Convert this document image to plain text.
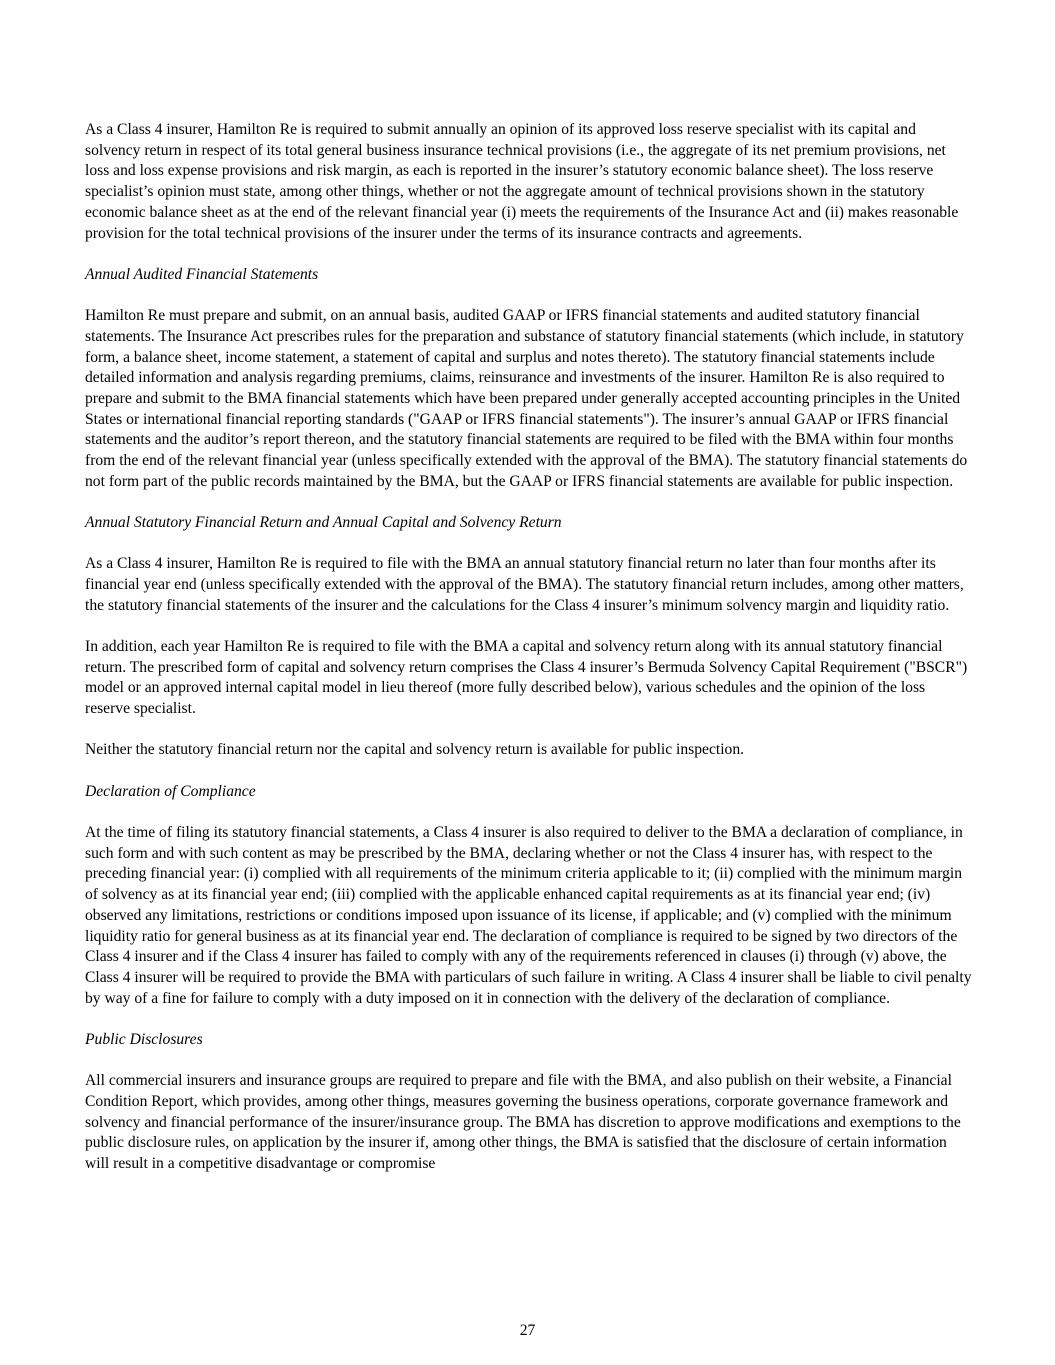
As a Class 4 insurer, Hamilton Re is required to submit annually an opinion of its approved loss reserve specialist with its capital and solvency return in respect of its total general business insurance technical provisions (i.e., the aggregate of its net premium provisions, net loss and loss expense provisions and risk margin, as each is reported in the insurer’s statutory economic balance sheet). The loss reserve specialist’s opinion must state, among other things, whether or not the aggregate amount of technical provisions shown in the statutory economic balance sheet as at the end of the relevant financial year (i) meets the requirements of the Insurance Act and (ii) makes reasonable provision for the total technical provisions of the insurer under the terms of its insurance contracts and agreements.

Annual Audited Financial Statements

Hamilton Re must prepare and submit, on an annual basis, audited GAAP or IFRS financial statements and audited statutory financial statements. The Insurance Act prescribes rules for the preparation and substance of statutory financial statements (which include, in statutory form, a balance sheet, income statement, a statement of capital and surplus and notes thereto). The statutory financial statements include detailed information and analysis regarding premiums, claims, reinsurance and investments of the insurer. Hamilton Re is also required to prepare and submit to the BMA financial statements which have been prepared under generally accepted accounting principles in the United States or international financial reporting standards ("GAAP or IFRS financial statements"). The insurer’s annual GAAP or IFRS financial statements and the auditor’s report thereon, and the statutory financial statements are required to be filed with the BMA within four months from the end of the relevant financial year (unless specifically extended with the approval of the BMA). The statutory financial statements do not form part of the public records maintained by the BMA, but the GAAP or IFRS financial statements are available for public inspection.

Annual Statutory Financial Return and Annual Capital and Solvency Return

As a Class 4 insurer, Hamilton Re is required to file with the BMA an annual statutory financial return no later than four months after its financial year end (unless specifically extended with the approval of the BMA). The statutory financial return includes, among other matters, the statutory financial statements of the insurer and the calculations for the Class 4 insurer’s minimum solvency margin and liquidity ratio.

In addition, each year Hamilton Re is required to file with the BMA a capital and solvency return along with its annual statutory financial return. The prescribed form of capital and solvency return comprises the Class 4 insurer’s Bermuda Solvency Capital Requirement ("BSCR") model or an approved internal capital model in lieu thereof (more fully described below), various schedules and the opinion of the loss reserve specialist.

Neither the statutory financial return nor the capital and solvency return is available for public inspection.

Declaration of Compliance

At the time of filing its statutory financial statements, a Class 4 insurer is also required to deliver to the BMA a declaration of compliance, in such form and with such content as may be prescribed by the BMA, declaring whether or not the Class 4 insurer has, with respect to the preceding financial year: (i) complied with all requirements of the minimum criteria applicable to it; (ii) complied with the minimum margin of solvency as at its financial year end; (iii) complied with the applicable enhanced capital requirements as at its financial year end; (iv) observed any limitations, restrictions or conditions imposed upon issuance of its license, if applicable; and (v) complied with the minimum liquidity ratio for general business as at its financial year end. The declaration of compliance is required to be signed by two directors of the Class 4 insurer and if the Class 4 insurer has failed to comply with any of the requirements referenced in clauses (i) through (v) above, the Class 4 insurer will be required to provide the BMA with particulars of such failure in writing. A Class 4 insurer shall be liable to civil penalty by way of a fine for failure to comply with a duty imposed on it in connection with the delivery of the declaration of compliance.

Public Disclosures

All commercial insurers and insurance groups are required to prepare and file with the BMA, and also publish on their website, a Financial Condition Report, which provides, among other things, measures governing the business operations, corporate governance framework and solvency and financial performance of the insurer/insurance group. The BMA has discretion to approve modifications and exemptions to the public disclosure rules, on application by the insurer if, among other things, the BMA is satisfied that the disclosure of certain information will result in a competitive disadvantage or compromise

27
